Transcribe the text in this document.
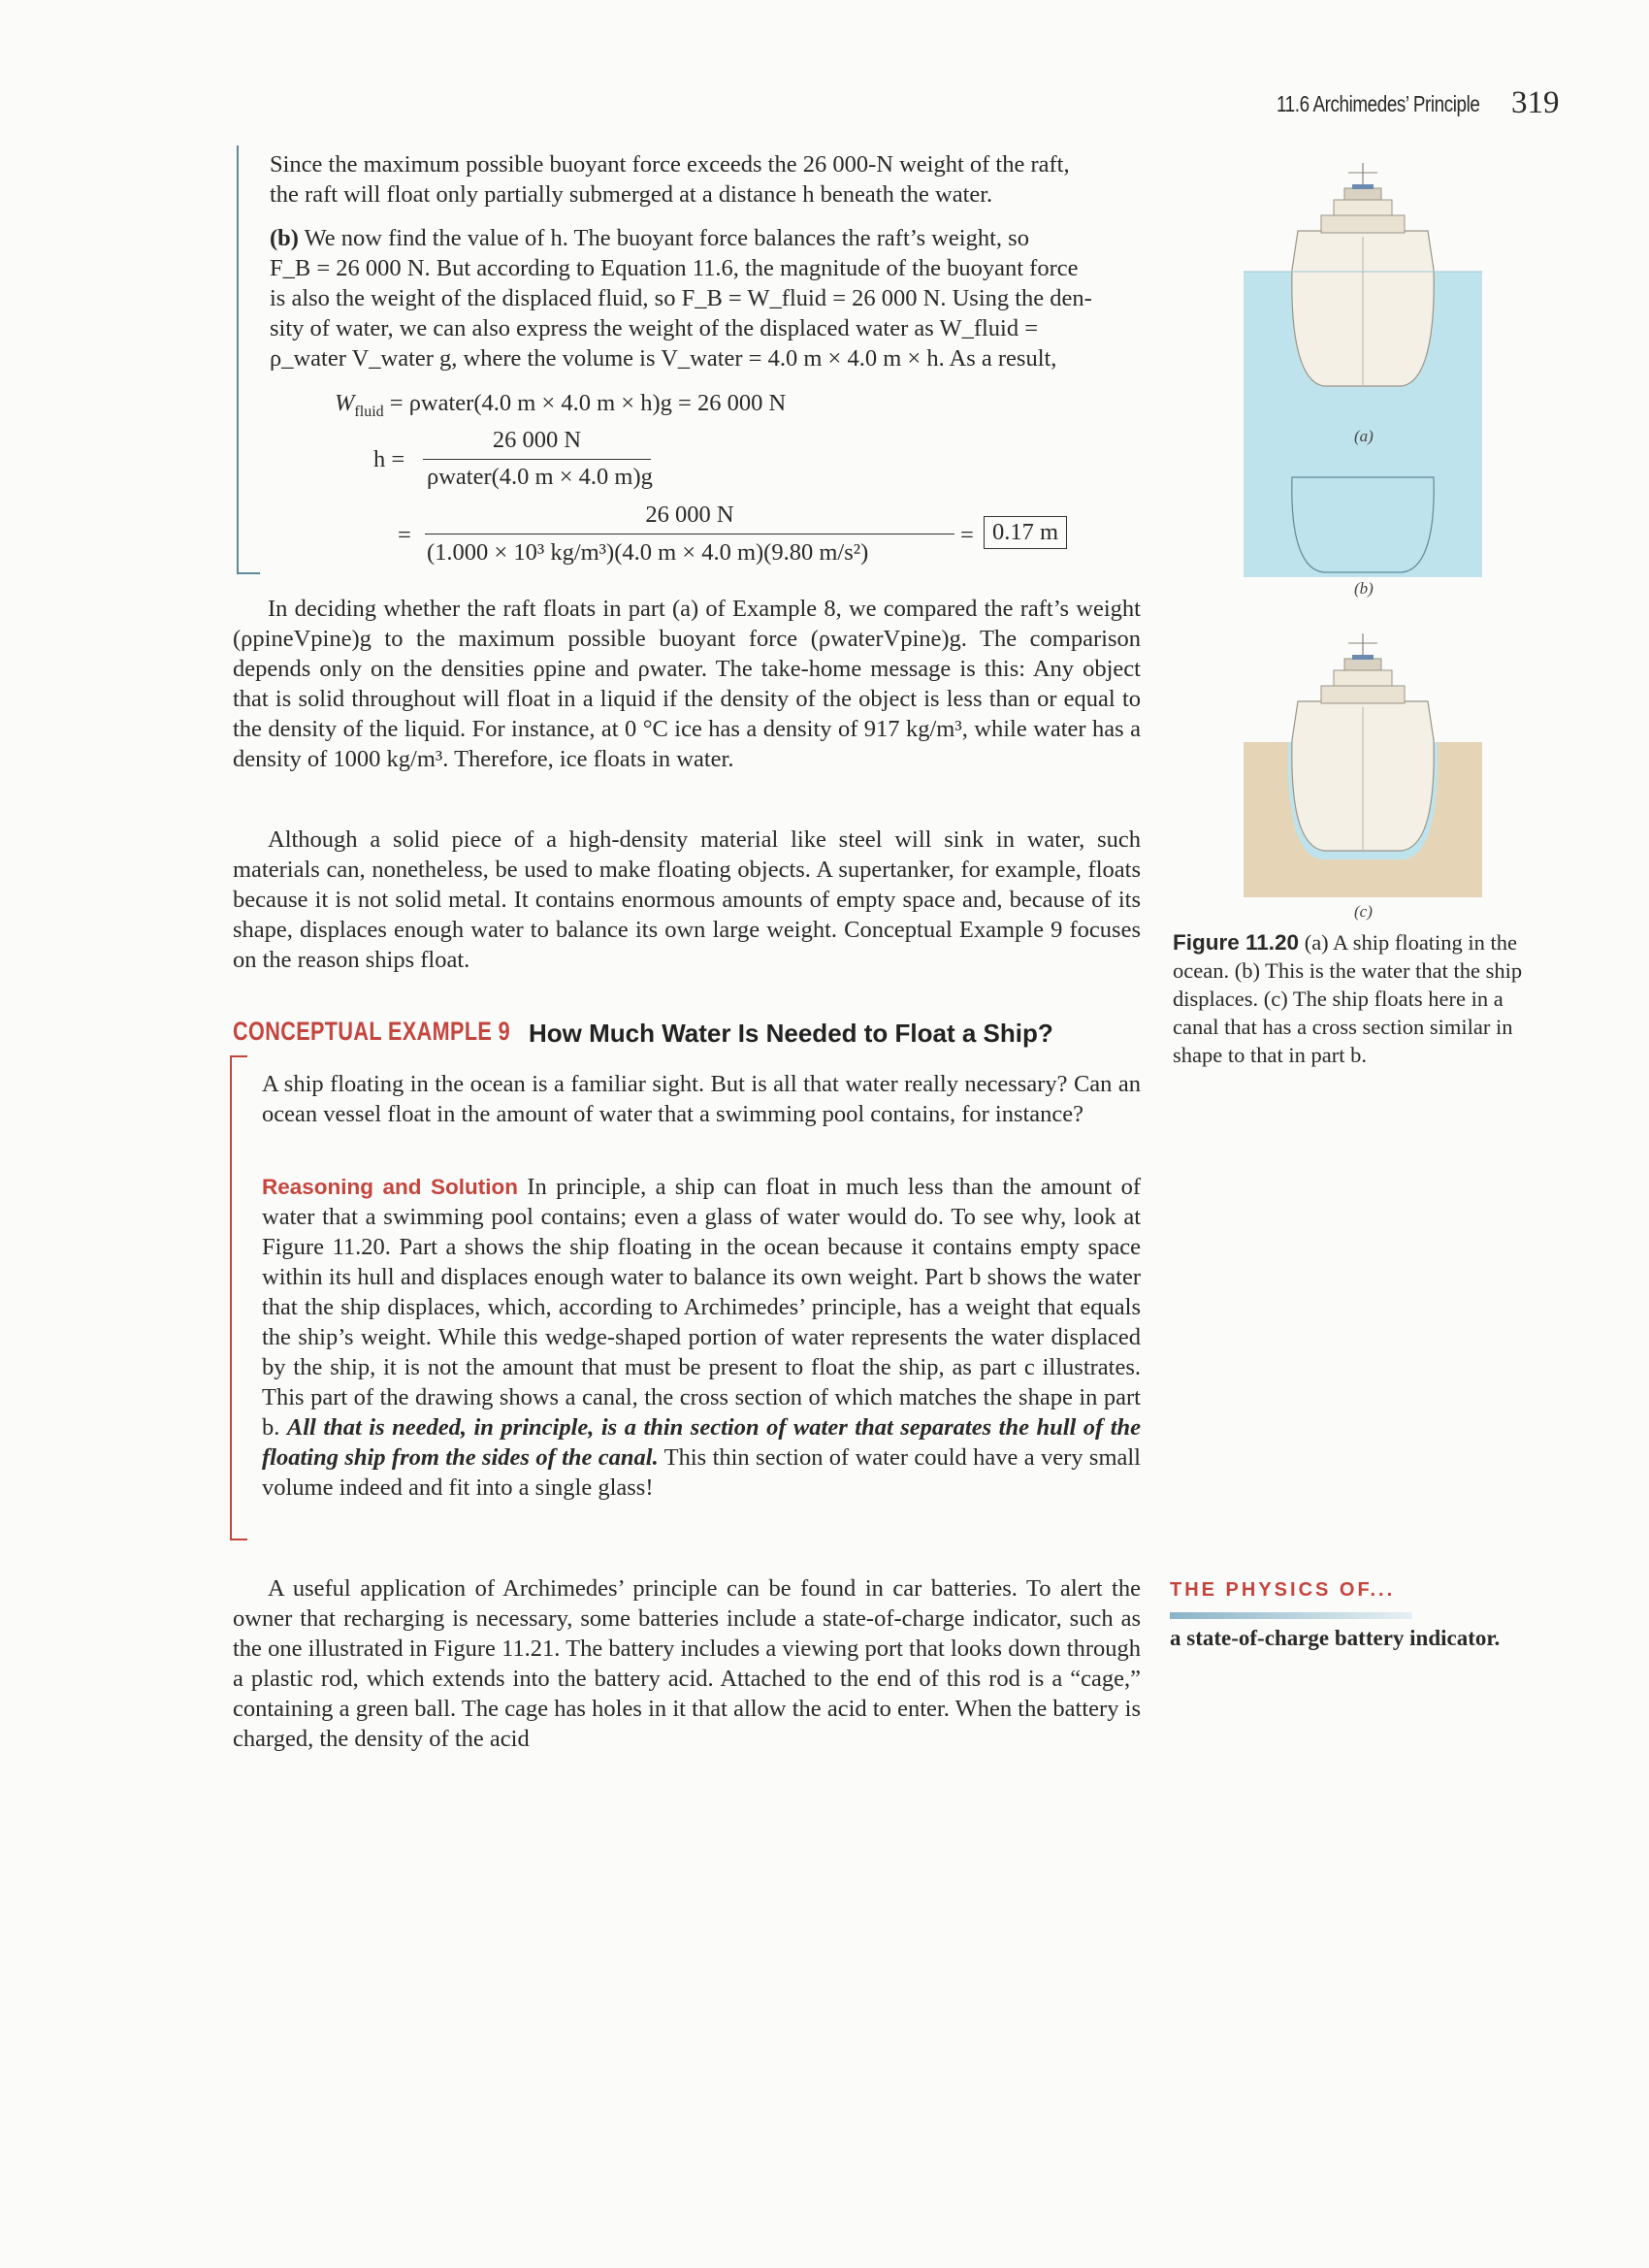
11.6 Archimedes’ Principle 319
Since the maximum possible buoyant force exceeds the 26 000-N weight of the raft,
the raft will float only partially submerged at a distance h beneath the water.
(b) We now find the value of h. The buoyant force balances the raft’s weight, so
F_B = 26 000 N. But according to Equation 11.6, the magnitude of the buoyant force
is also the weight of the displaced fluid, so F_B = W_fluid = 26 000 N. Using the den-
sity of water, we can also express the weight of the displaced water as W_fluid =
ρ_water V_water g, where the volume is V_water = 4.0 m × 4.0 m × h. As a result,
$W_{fluid}$ = ρwater(4.0 m × 4.0 m × h)g = 26 000 N
h =
26 000 N
ρwater(4.0 m × 4.0 m)g
=
26 000 N
(1.000 × 10³ kg/m³)(4.0 m × 4.0 m)(9.80 m/s²)
= 0.17 m

In deciding whether the raft floats in part (a) of Example 8, we compared the raft’s weight (ρpineVpine)g to the maximum possible buoyant force (ρwaterVpine)g. The comparison depends only on the densities ρpine and ρwater. The take-home message is this: Any object that is solid throughout will float in a liquid if the density of the object is less than or equal to the density of the liquid. For instance, at 0 °C ice has a density of 917 kg/m³, while water has a density of 1000 kg/m³. Therefore, ice floats in water.

Although a solid piece of a high-density material like steel will sink in water, such materials can, nonetheless, be used to make floating objects. A supertanker, for example, floats because it is not solid metal. It contains enormous amounts of empty space and, because of its shape, displaces enough water to balance its own large weight. Conceptual Example 9 focuses on the reason ships float.

CONCEPTUAL EXAMPLE 9 How Much Water Is Needed to Float a Ship?

A ship floating in the ocean is a familiar sight. But is all that water really necessary? Can an ocean vessel float in the amount of water that a swimming pool contains, for instance?

Reasoning and Solution In principle, a ship can float in much less than the amount of water that a swimming pool contains; even a glass of water would do. To see why, look at Figure 11.20. Part a shows the ship floating in the ocean because it contains empty space within its hull and displaces enough water to balance its own weight. Part b shows the water that the ship displaces, which, according to Archimedes’ principle, has a weight that equals the ship’s weight. While this wedge-shaped portion of water represents the water displaced by the ship, it is not the amount that must be present to float the ship, as part c illustrates. This part of the drawing shows a canal, the cross section of which matches the shape in part b. All that is needed, in principle, is a thin section of water that separates the hull of the floating ship from the sides of the canal. This thin section of water could have a very small volume indeed and fit into a single glass!

A useful application of Archimedes’ principle can be found in car batteries. To alert the owner that recharging is necessary, some batteries include a state-of-charge indicator, such as the one illustrated in Figure 11.21. The battery includes a viewing port that looks down through a plastic rod, which extends into the battery acid. Attached to the end of this rod is a “cage,” containing a green ball. The cage has holes in it that allow the acid to enter. When the battery is charged, the density of the acid

(a)
(b)
(c)
Figure 11.20 (a) A ship floating in the ocean. (b) This is the water that the ship displaces. (c) The ship floats here in a canal that has a cross section similar in shape to that in part b.
THE PHYSICS OF...
a state-of-charge battery indicator.
